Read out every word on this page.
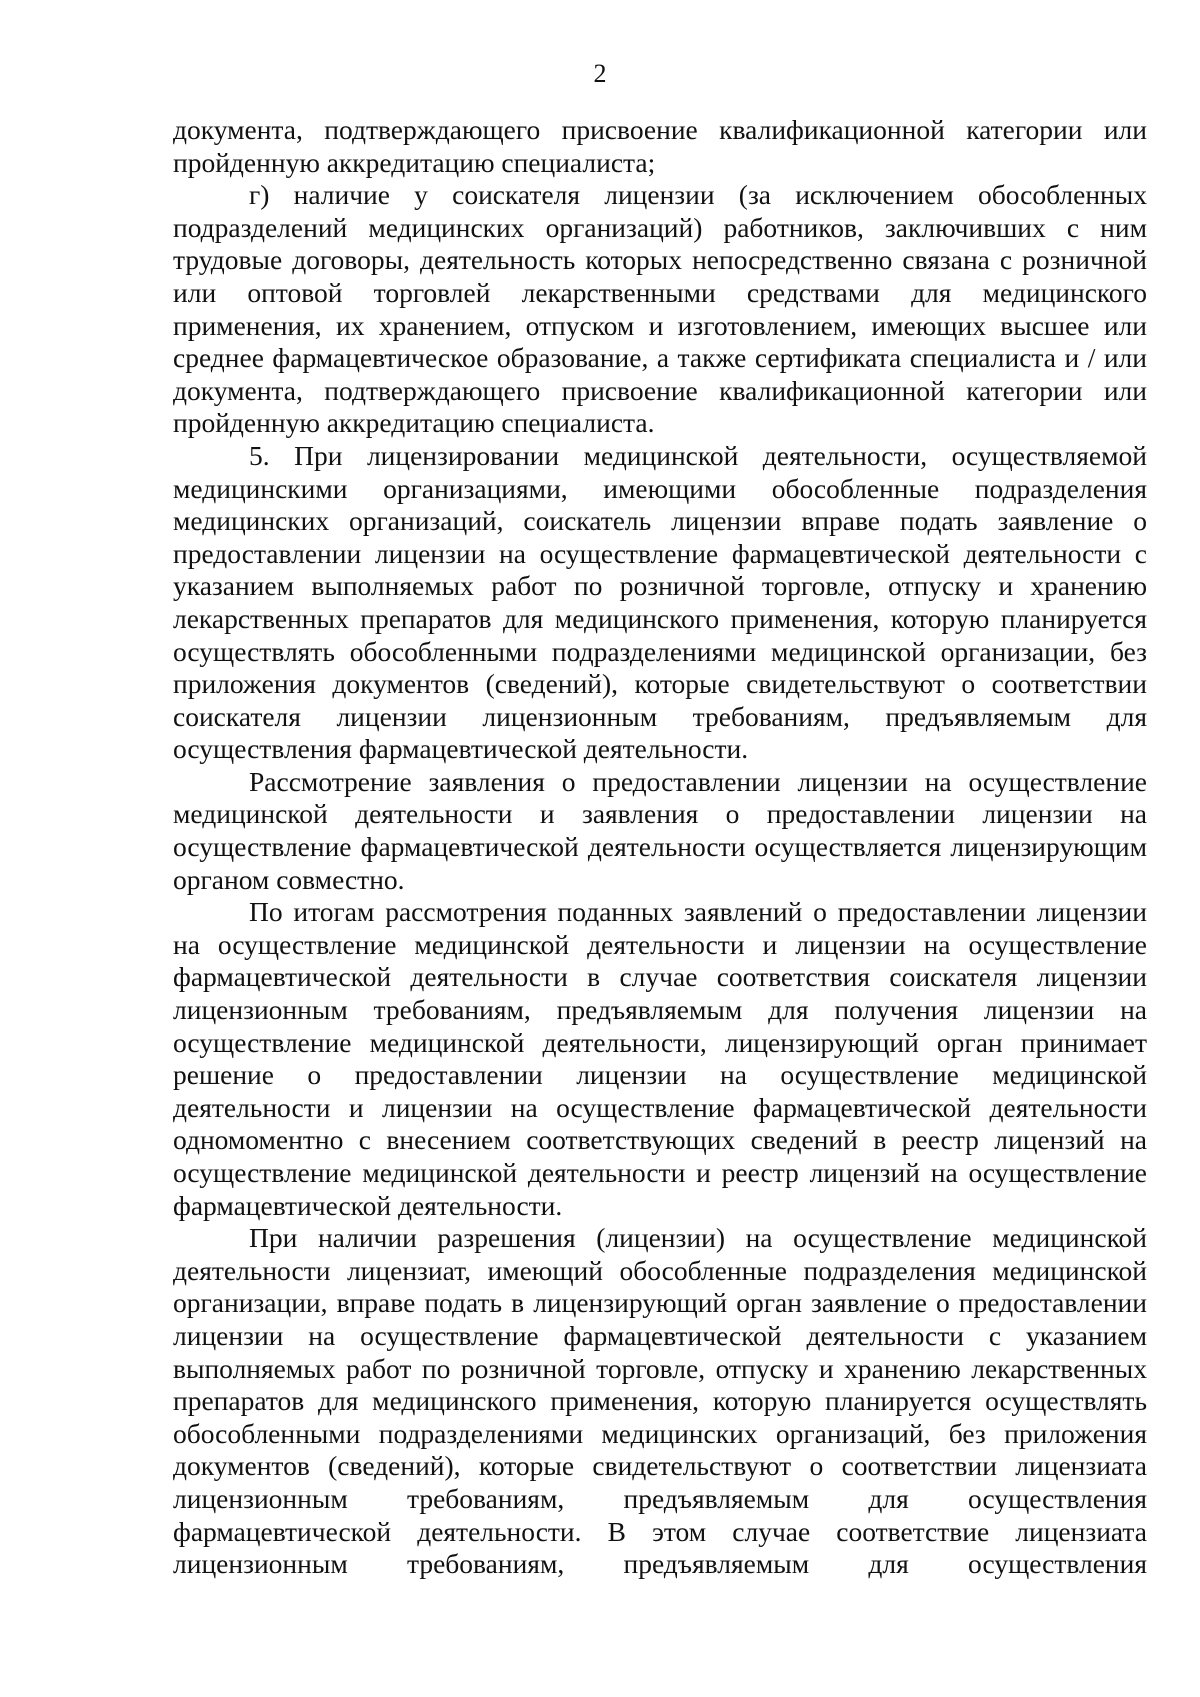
2

документа, подтверждающего присвоение квалификационной категории или пройденную аккредитацию специалиста;

г) наличие у соискателя лицензии (за исключением обособленных подразделений медицинских организаций) работников, заключивших с ним трудовые договоры, деятельность которых непосредственно связана с розничной или оптовой торговлей лекарственными средствами для медицинского применения, их хранением, отпуском и изготовлением, имеющих высшее или среднее фармацевтическое образование, а также сертификата специалиста и / или документа, подтверждающего присвоение квалификационной категории или пройденную аккредитацию специалиста.

5. При лицензировании медицинской деятельности, осуществляемой медицинскими организациями, имеющими обособленные подразделения медицинских организаций, соискатель лицензии вправе подать заявление о предоставлении лицензии на осуществление фармацевтической деятельности с указанием выполняемых работ по розничной торговле, отпуску и хранению лекарственных препаратов для медицинского применения, которую планируется осуществлять обособленными подразделениями медицинской организации, без приложения документов (сведений), которые свидетельствуют о соответствии соискателя лицензии лицензионным требованиям, предъявляемым для осуществления фармацевтической деятельности.

Рассмотрение заявления о предоставлении лицензии на осуществление медицинской деятельности и заявления о предоставлении лицензии на осуществление фармацевтической деятельности осуществляется лицензирующим органом совместно.

По итогам рассмотрения поданных заявлений о предоставлении лицензии на осуществление медицинской деятельности и лицензии на осуществление фармацевтической деятельности в случае соответствия соискателя лицензии лицензионным требованиям, предъявляемым для получения лицензии на осуществление медицинской деятельности, лицензирующий орган принимает решение о предоставлении лицензии на осуществление медицинской деятельности и лицензии на осуществление фармацевтической деятельности одномоментно с внесением соответствующих сведений в реестр лицензий на осуществление медицинской деятельности и реестр лицензий на осуществление фармацевтической деятельности.

При наличии разрешения (лицензии) на осуществление медицинской деятельности лицензиат, имеющий обособленные подразделения медицинской организации, вправе подать в лицензирующий орган заявление о предоставлении лицензии на осуществление фармацевтической деятельности с указанием выполняемых работ по розничной торговле, отпуску и хранению лекарственных препаратов для медицинского применения, которую планируется осуществлять обособленными подразделениями медицинских организаций, без приложения документов (сведений), которые свидетельствуют о соответствии лицензиата лицензионным требованиям, предъявляемым для осуществления фармацевтической деятельности. В этом случае соответствие лицензиата лицензионным требованиям, предъявляемым для осуществления
